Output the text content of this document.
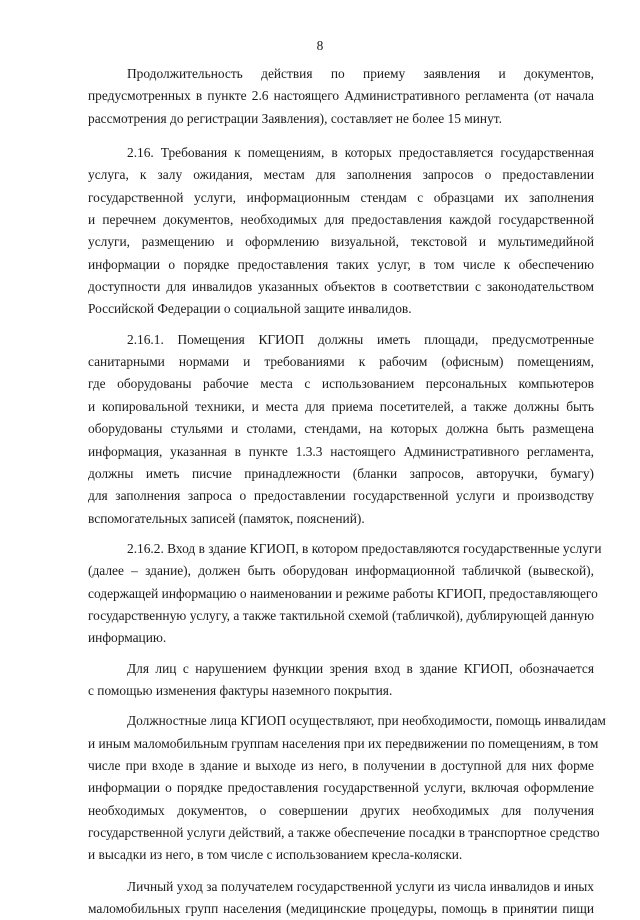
8
Продолжительность действия по приему заявления и документов,
предусмотренных в пункте 2.6 настоящего Административного регламента (от начала
рассмотрения до регистрации Заявления), составляет не более 15 минут.
2.16. Требования к помещениям, в которых предоставляется государственная
услуга, к залу ожидания, местам для заполнения запросов о предоставлении
государственной услуги, информационным стендам с образцами их заполнения
и перечнем документов, необходимых для предоставления каждой государственной
услуги, размещению и оформлению визуальной, текстовой и мультимедийной
информации о порядке предоставления таких услуг, в том числе к обеспечению
доступности для инвалидов указанных объектов в соответствии с законодательством
Российской Федерации о социальной защите инвалидов.
2.16.1. Помещения КГИОП должны иметь площади, предусмотренные
санитарными нормами и требованиями к рабочим (офисным) помещениям,
где оборудованы рабочие места с использованием персональных компьютеров
и копировальной техники, и места для приема посетителей, а также должны быть
оборудованы стульями и столами, стендами, на которых должна быть размещена
информация, указанная в пункте 1.3.3 настоящего Административного регламента,
должны иметь писчие принадлежности (бланки запросов, авторучки, бумагу)
для заполнения запроса о предоставлении государственной услуги и производству
вспомогательных записей (памяток, пояснений).
2.16.2. Вход в здание КГИОП, в котором предоставляются государственные услуги
(далее – здание), должен быть оборудован информационной табличкой (вывеской),
содержащей информацию о наименовании и режиме работы КГИОП, предоставляющего
государственную услугу, а также тактильной схемой (табличкой), дублирующей данную
информацию.
Для лиц с нарушением функции зрения вход в здание КГИОП, обозначается
с помощью изменения фактуры наземного покрытия.
Должностные лица КГИОП осуществляют, при необходимости, помощь инвалидам
и иным маломобильным группам населения при их передвижении по помещениям, в том
числе при входе в здание и выходе из него, в получении в доступной для них форме
информации о порядке предоставления государственной услуги, включая оформление
необходимых документов, о совершении других необходимых для получения
государственной услуги действий, а также обеспечение посадки в транспортное средство
и высадки из него, в том числе с использованием кресла-коляски.
Личный уход за получателем государственной услуги из числа инвалидов и иных
маломобильных групп населения (медицинские процедуры, помощь в принятии пищи
